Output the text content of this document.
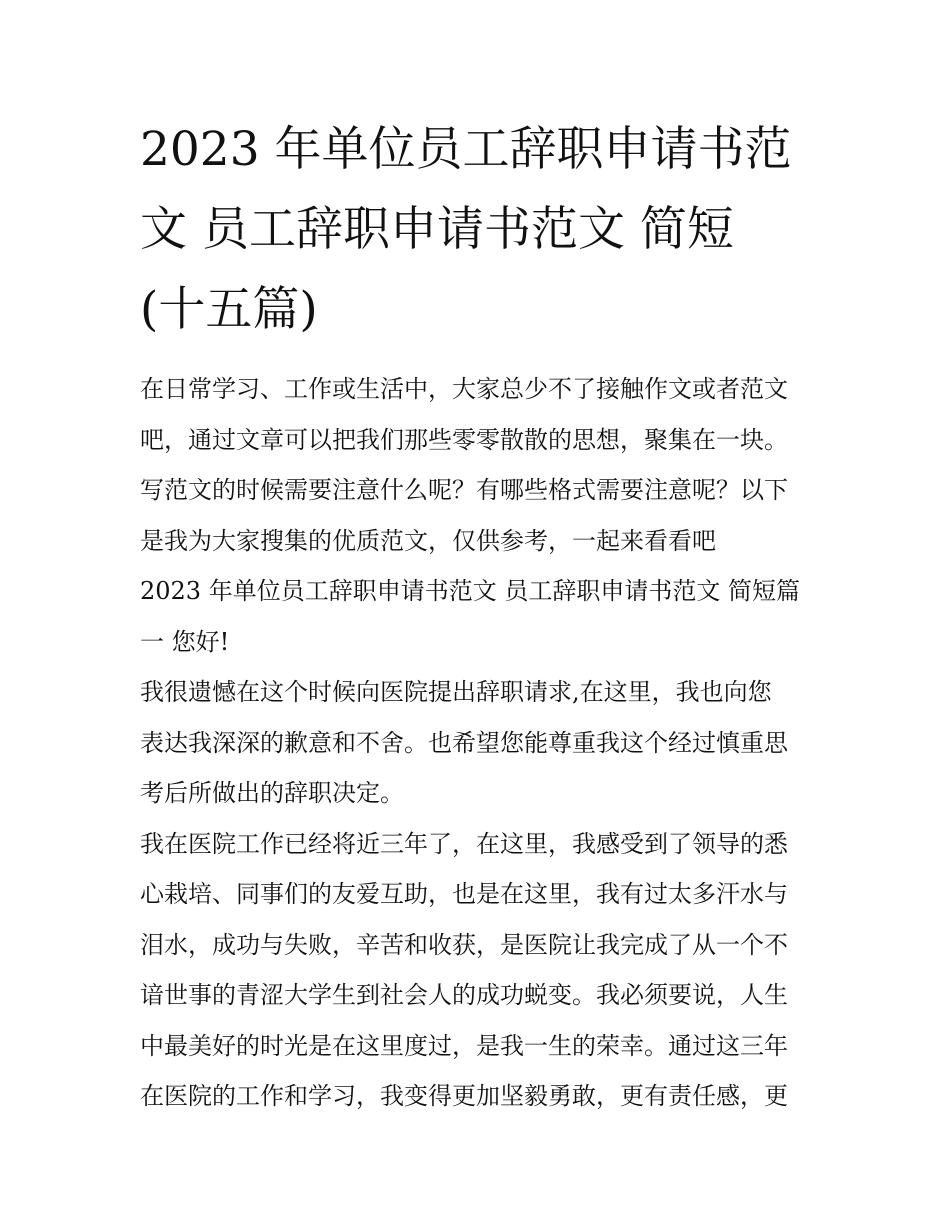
2023 年单位员工辞职申请书范
文 员工辞职申请书范文 简短
(十五篇)
在日常学习、工作或生活中，大家总少不了接触作文或者范文
吧，通过文章可以把我们那些零零散散的思想，聚集在一块。
写范文的时候需要注意什么呢？有哪些格式需要注意呢？以下
是我为大家搜集的优质范文，仅供参考，一起来看看吧
2023 年单位员工辞职申请书范文 员工辞职申请书范文 简短篇
一 您好!
我很遗憾在这个时候向医院提出辞职请求,在这里，我也向您
表达我深深的歉意和不舍。也希望您能尊重我这个经过慎重思
考后所做出的辞职决定。
我在医院工作已经将近三年了，在这里，我感受到了领导的悉
心栽培、同事们的友爱互助，也是在这里，我有过太多汗水与
泪水，成功与失败，辛苦和收获，是医院让我完成了从一个不
谙世事的青涩大学生到社会人的成功蜕变。我必须要说，人生
中最美好的时光是在这里度过，是我一生的荣幸。通过这三年
在医院的工作和学习，我变得更加坚毅勇敢，更有责任感，更
